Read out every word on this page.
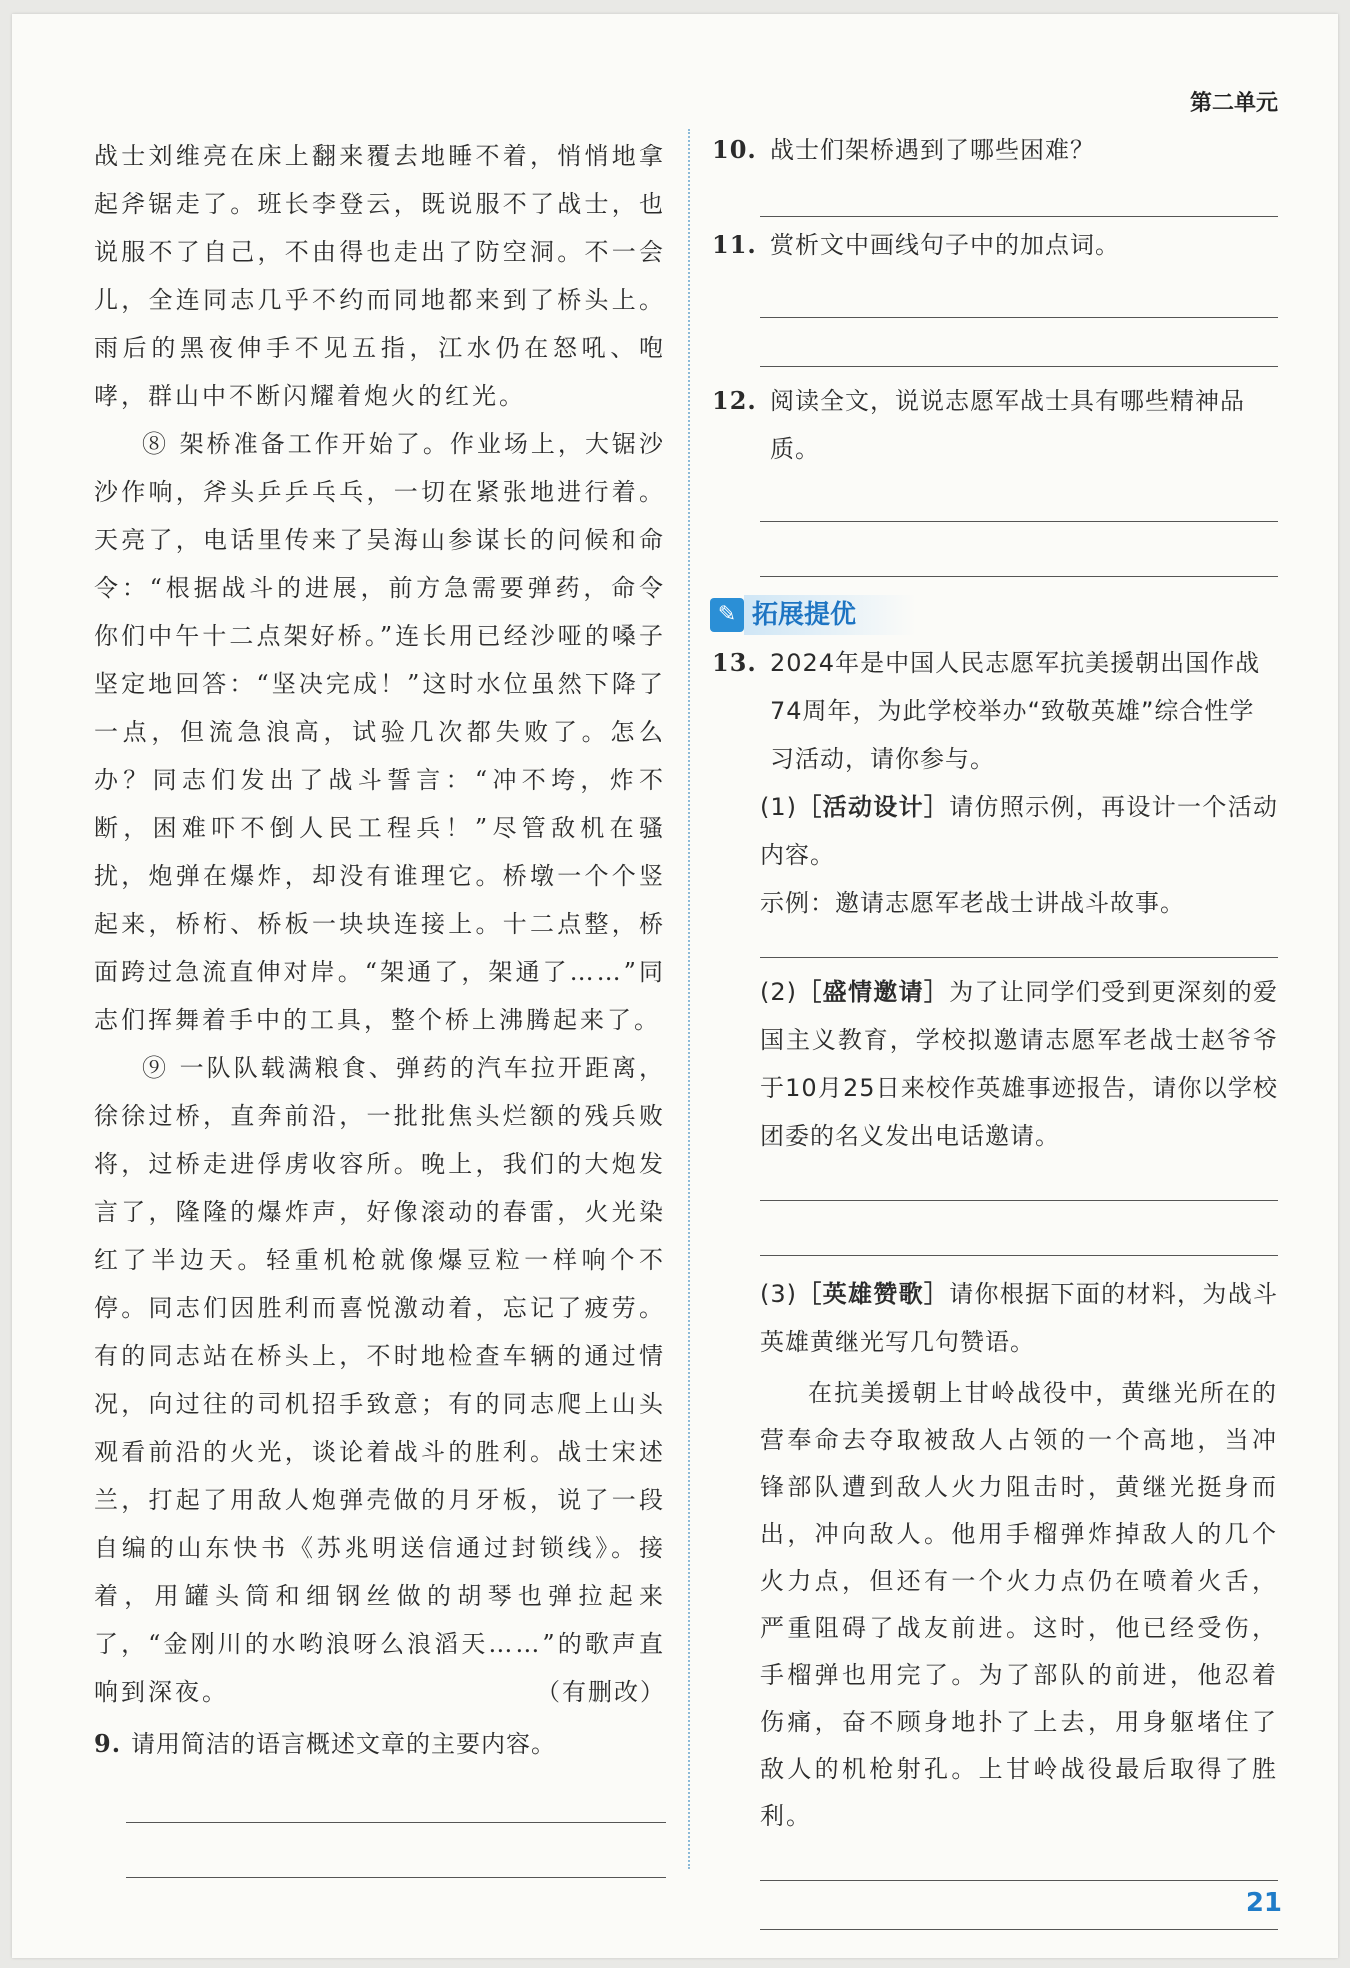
第二单元

战士刘维亮在床上翻来覆去地睡不着，悄悄地拿起斧锯走了。班长李登云，既说服不了战士，也说服不了自己，不由得也走出了防空洞。不一会儿，全连同志几乎不约而同地都来到了桥头上。雨后的黑夜伸手不见五指，江水仍在怒吼、咆哮，群山中不断闪耀着炮火的红光。

⑧ 架桥准备工作开始了。作业场上，大锯沙沙作响，斧头乒乒乓乓，一切在紧张地进行着。天亮了，电话里传来了吴海山参谋长的问候和命令：“根据战斗的进展，前方急需要弹药，命令你们中午十二点架好桥。”连长用已经沙哑的嗓子坚定地回答：“坚决完成！”这时水位虽然下降了一点，但流急浪高，试验几次都失败了。怎么办？同志们发出了战斗誓言：“冲不垮，炸不断，困难吓不倒人民工程兵！”尽管敌机在骚扰，炮弹在爆炸，却没有谁理它。桥墩一个个竖起来，桥桁、桥板一块块连接上。十二点整，桥面跨过急流直伸对岸。“架通了，架通了……”同志们挥舞着手中的工具，整个桥上沸腾起来了。

⑨ 一队队载满粮食、弹药的汽车拉开距离，徐徐过桥，直奔前沿，一批批焦头烂额的残兵败将，过桥走进俘虏收容所。晚上，我们的大炮发言了，隆隆的爆炸声，好像滚动的春雷，火光染红了半边天。轻重机枪就像爆豆粒一样响个不停。同志们因胜利而喜悦激动着，忘记了疲劳。有的同志站在桥头上，不时地检查车辆的通过情况，向过往的司机招手致意；有的同志爬上山头观看前沿的火光，谈论着战斗的胜利。战士宋述兰，打起了用敌人炮弹壳做的月牙板，说了一段自编的山东快书《苏兆明送信通过封锁线》。接着，用罐头筒和细钢丝做的胡琴也弹拉起来了，“金刚川的水哟浪呀么浪滔天……”的歌声直响到深夜。	（有删改）
9. 请用简洁的语言概述文章的主要内容。
10. 战士们架桥遇到了哪些困难？
11. 赏析文中画线句子中的加点词。
12. 阅读全文，说说志愿军战士具有哪些精神品质。
✎ 拓展提优
13. 2024年是中国人民志愿军抗美援朝出国作战74周年，为此学校举办“致敬英雄”综合性学习活动，请你参与。
(1)［活动设计］请仿照示例，再设计一个活动内容。
示例：邀请志愿军老战士讲战斗故事。
(2)［盛情邀请］为了让同学们受到更深刻的爱国主义教育，学校拟邀请志愿军老战士赵爷爷于10月25日来校作英雄事迹报告，请你以学校团委的名义发出电话邀请。
(3)［英雄赞歌］请你根据下面的材料，为战斗英雄黄继光写几句赞语。
在抗美援朝上甘岭战役中，黄继光所在的营奉命去夺取被敌人占领的一个高地，当冲锋部队遭到敌人火力阻击时，黄继光挺身而出，冲向敌人。他用手榴弹炸掉敌人的几个火力点，但还有一个火力点仍在喷着火舌，严重阻碍了战友前进。这时，他已经受伤，手榴弹也用完了。为了部队的前进，他忍着伤痛，奋不顾身地扑了上去，用身躯堵住了敌人的机枪射孔。上甘岭战役最后取得了胜利。
21
